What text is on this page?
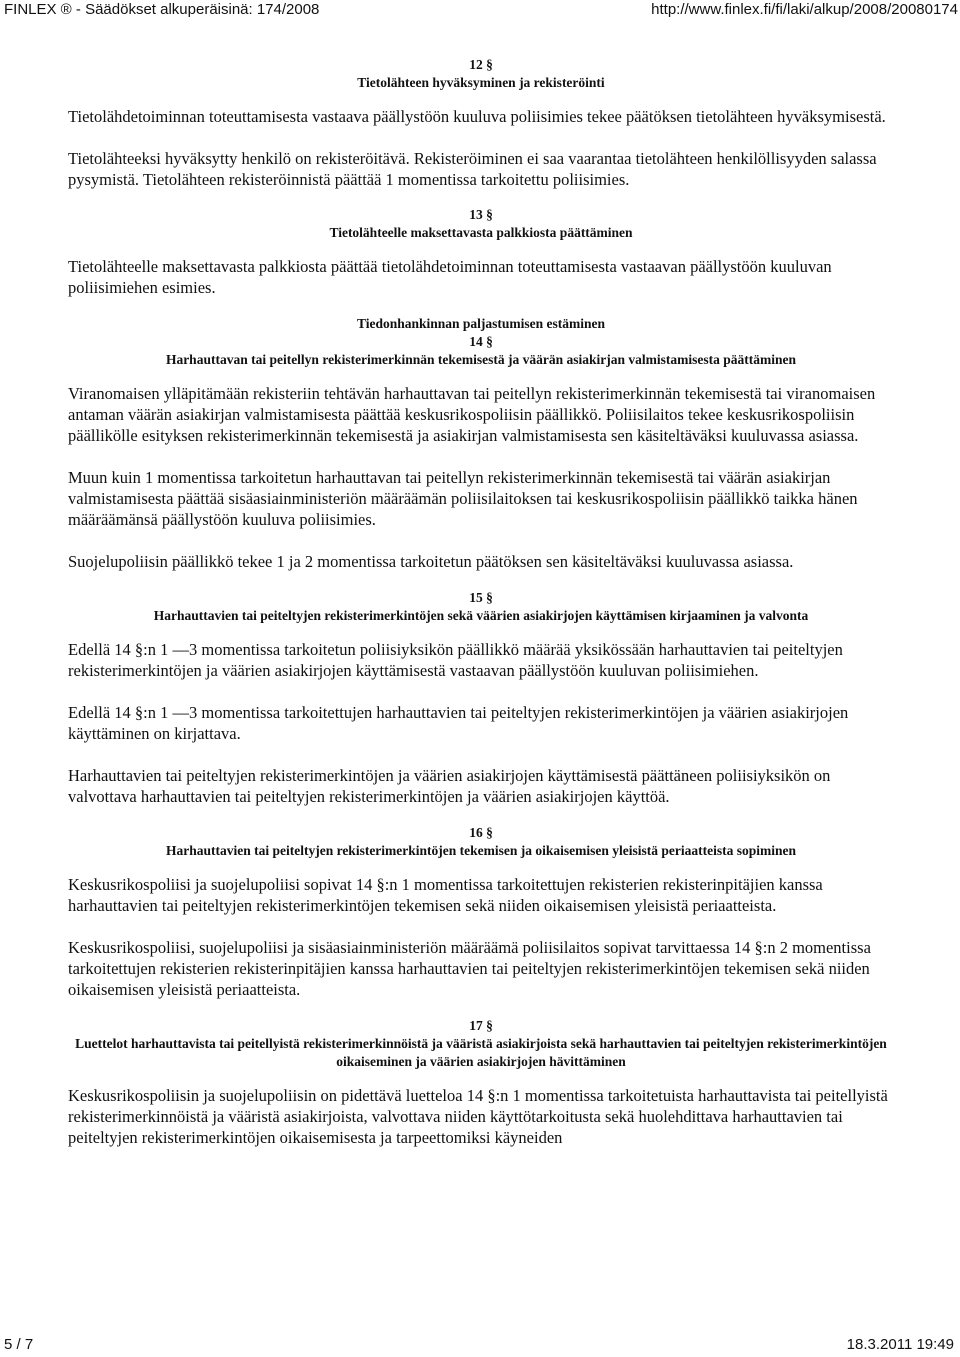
FINLEX ® - Säädökset alkuperäisinä: 174/2008	http://www.finlex.fi/fi/laki/alkup/2008/20080174
12 §
Tietolähteen hyväksyminen ja rekisteröinti

Tietolähdetoiminnan toteuttamisesta vastaava päällystöön kuuluva poliisimies tekee päätöksen tietolähteen hyväksymisestä.

Tietolähteeksi hyväksytty henkilö on rekisteröitävä. Rekisteröiminen ei saa vaarantaa tietolähteen henkilöllisyyden salassa pysymistä. Tietolähteen rekisteröinnistä päättää 1 momentissa tarkoitettu poliisimies.

13 §
Tietolähteelle maksettavasta palkkiosta päättäminen

Tietolähteelle maksettavasta palkkiosta päättää tietolähdetoiminnan toteuttamisesta vastaavan päällystöön kuuluvan poliisimiehen esimies.

Tiedonhankinnan paljastumisen estäminen
14 §
Harhauttavan tai peitellyn rekisterimerkinnän tekemisestä ja väärän asiakirjan valmistamisesta päättäminen

Viranomaisen ylläpitämään rekisteriin tehtävän harhauttavan tai peitellyn rekisterimerkinnän tekemisestä tai viranomaisen antaman väärän asiakirjan valmistamisesta päättää keskusrikospoliisin päällikkö. Poliisilaitos tekee keskusrikospoliisin päällikölle esityksen rekisterimerkinnän tekemisestä ja asiakirjan valmistamisesta sen käsiteltäväksi kuuluvassa asiassa.

Muun kuin 1 momentissa tarkoitetun harhauttavan tai peitellyn rekisterimerkinnän tekemisestä tai väärän asiakirjan valmistamisesta päättää sisäasiainministeriön määräämän poliisilaitoksen tai keskusrikospoliisin päällikkö taikka hänen määräämänsä päällystöön kuuluva poliisimies.

Suojelupoliisin päällikkö tekee 1 ja 2 momentissa tarkoitetun päätöksen sen käsiteltäväksi kuuluvassa asiassa.

15 §
Harhauttavien tai peiteltyjen rekisterimerkintöjen sekä väärien asiakirjojen käyttämisen kirjaaminen ja valvonta

Edellä 14 §:n 1 —3 momentissa tarkoitetun poliisiyksikön päällikkö määrää yksikössään harhauttavien tai peiteltyjen rekisterimerkintöjen ja väärien asiakirjojen käyttämisestä vastaavan päällystöön kuuluvan poliisimiehen.

Edellä 14 §:n 1 —3 momentissa tarkoitettujen harhauttavien tai peiteltyjen rekisterimerkintöjen ja väärien asiakirjojen käyttäminen on kirjattava.

Harhauttavien tai peiteltyjen rekisterimerkintöjen ja väärien asiakirjojen käyttämisestä päättäneen poliisiyksikön on valvottava harhauttavien tai peiteltyjen rekisterimerkintöjen ja väärien asiakirjojen käyttöä.

16 §
Harhauttavien tai peiteltyjen rekisterimerkintöjen tekemisen ja oikaisemisen yleisistä periaatteista sopiminen

Keskusrikospoliisi ja suojelupoliisi sopivat 14 §:n 1 momentissa tarkoitettujen rekisterien rekisterinpitäjien kanssa harhauttavien tai peiteltyjen rekisterimerkintöjen tekemisen sekä niiden oikaisemisen yleisistä periaatteista.

Keskusrikospoliisi, suojelupoliisi ja sisäasiainministeriön määräämä poliisilaitos sopivat tarvittaessa 14 §:n 2 momentissa tarkoitettujen rekisterien rekisterinpitäjien kanssa harhauttavien tai peiteltyjen rekisterimerkintöjen tekemisen sekä niiden oikaisemisen yleisistä periaatteista.

17 §
Luettelot harhauttavista tai peitellyistä rekisterimerkinnöistä ja vääristä asiakirjoista sekä harhauttavien tai peiteltyjen rekisterimerkintöjen oikaiseminen ja väärien asiakirjojen hävittäminen

Keskusrikospoliisin ja suojelupoliisin on pidettävä luetteloa 14 §:n 1 momentissa tarkoitetuista harhauttavista tai peitellyistä rekisterimerkinnöistä ja vääristä asiakirjoista, valvottava niiden käyttötarkoitusta sekä huolehdittava harhauttavien tai peiteltyjen rekisterimerkintöjen oikaisemisesta ja tarpeettomiksi käyneiden

5 / 7	18.3.2011 19:49
